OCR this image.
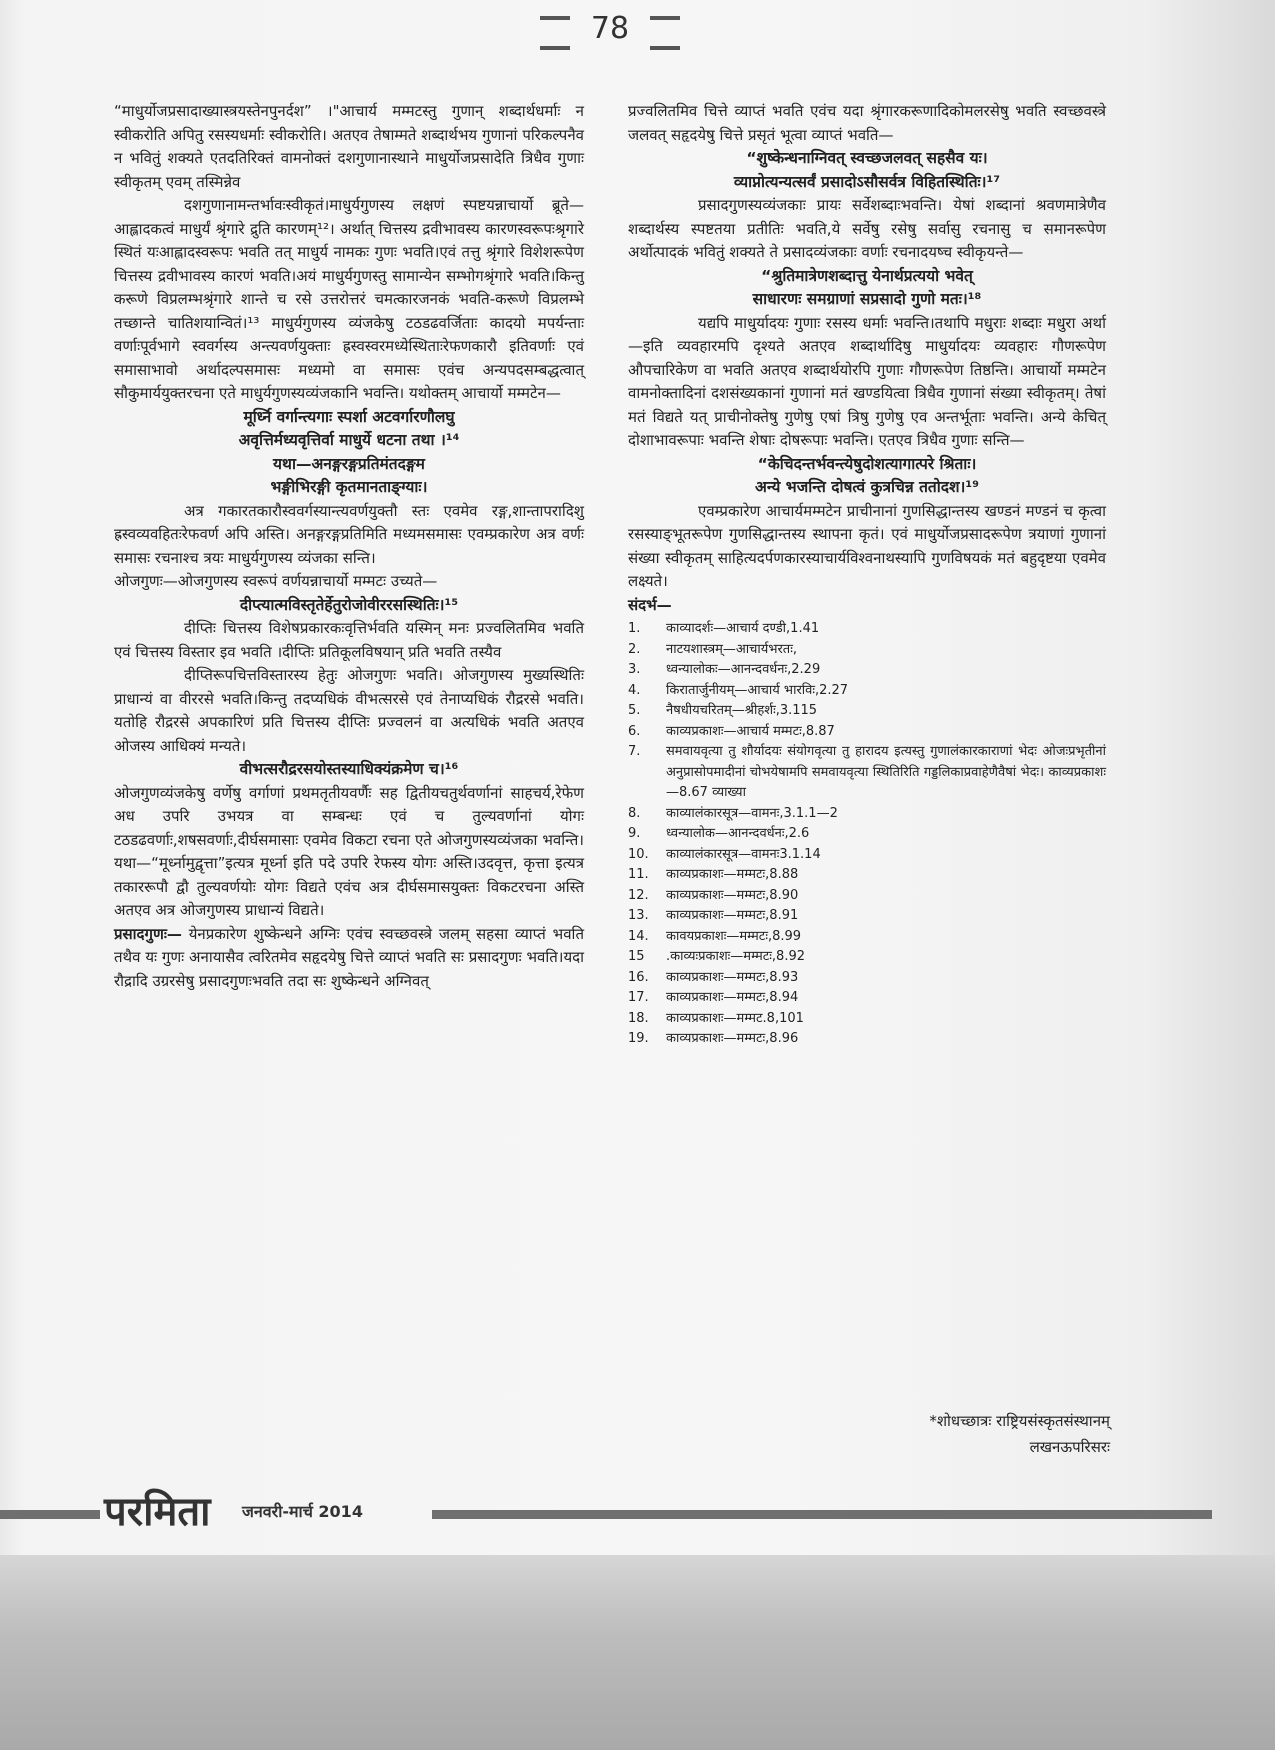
78

“माधुर्योजप्रसादाख्यास्त्रयस्तेनपुनर्दश” ।"आचार्य मम्मटस्तु गुणान् शब्दार्थधर्माः न स्वीकरोति अपितु रसस्यधर्माः स्वीकरोति। अतएव तेषाम्मते शब्दार्थभय गुणानां परिकल्पनैव न भवितुं शक्यते एतदतिरिक्तं वामनोक्तं दशगुणानास्थाने माधुर्योजप्रसादेति त्रिधैव गुणाः स्वीकृतम् एवम् तस्मिन्नेव

दशगुणानामन्तर्भावःस्वीकृतं।माधुर्यगुणस्य लक्षणं स्पष्टयन्नाचार्यो ब्रूते—आह्लादकत्वं माधुर्यं श्रृंगारे द्रुति कारणम्¹²। अर्थात् चित्तस्य द्रवीभावस्य कारणस्वरूपःश्रृगारे स्थितं यःआह्लादस्वरूपः भवति तत् माधुर्य नामकः गुणः भवति।एवं तत्तु श्रृंगारे विशेशरूपेण चित्तस्य द्रवीभावस्य कारणं भवति।अयं माधुर्यगुणस्तु सामान्येन सम्भोगश्रृंगारे भवति।किन्तु करूणे विप्रलम्भश्रृंगारे शान्ते च रसे उत्तरोत्तरं चमत्कारजनकं भवति-करूणे विप्रलम्भे तच्छान्ते चातिशयान्वितं।¹³ माधुर्यगुणस्य व्यंजकेषु टठडढवर्जिताः कादयो मपर्यन्ताः वर्णाःपूर्वभागे स्ववर्गस्य अन्त्यवर्णयुक्ताः ह्रस्वस्वरमध्येस्थिताःरेफणकारौ इतिवर्णाः एवं समासाभावो अर्थादल्पसमासः मध्यमो वा समासः एवंच अन्यपदसम्बद्धत्वात् सौकुमार्ययुक्तरचना एते माधुर्यगुणस्यव्यंजकानि भवन्ति। यथोक्तम् आचार्यो मम्मटेन—

मूर्ध्नि वर्गान्त्यगाः स्पर्शा अटवर्गारणौलघु

अवृत्तिर्मध्यवृत्तिर्वा माधुर्ये धटना तथा ।¹⁴

यथा—अनङ्गरङ्गप्रतिमंतदङ्गम

भङ्गीभिरङ्गी कृतमानताङ्ग्याः।

अत्र गकारतकारौस्ववर्गस्यान्त्यवर्णयुक्तौ स्तः एवमेव रङ्ग,शान्तापरादिशु ह्रस्वव्यवहितःरेफवर्ण अपि अस्ति। अनङ्गरङ्गप्रतिमिति मध्यमसमासः एवम्प्रकारेण अत्र वर्णः समासः रचनाश्च त्रयः माधुर्यगुणस्य व्यंजका सन्ति।

ओजगुणः—ओजगुणस्य स्वरूपं वर्णयन्नाचार्यो मम्मटः उच्यते—

दीप्त्यात्मविस्तृतेर्हेतुरोजोवीररसस्थितिः।¹⁵

दीप्तिः चित्तस्य विशेषप्रकारकःवृत्तिर्भवति यस्मिन् मनः प्रज्वलितमिव भवति एवं चित्तस्य विस्तार इव भवति ।दीप्तिः प्रतिकूलविषयान् प्रति भवति तस्यैव

दीप्तिरूपचित्तविस्तारस्य हेतुः ओजगुणः भवति। ओजगुणस्य मुख्यस्थितिः प्राधान्यं वा वीररसे भवति।किन्तु तदप्यधिकं वीभत्सरसे एवं तेनाप्यधिकं रौद्ररसे भवति। यतोहि रौद्ररसे अपकारिणं प्रति चित्तस्य दीप्तिः प्रज्वलनं वा अत्यधिकं भवति अतएव ओजस्य आधिक्यं मन्यते।

वीभत्सरौद्ररसयोस्तस्याधिक्यंक्रमेण च।¹⁶

ओजगुणव्यंजकेषु वर्णेषु वर्गाणां प्रथमतृतीयवर्णैः सह द्वितीयचतुर्थवर्णानां साहचर्य,रेफेण अध उपरि उभयत्र वा सम्बन्धः एवं च तुल्यवर्णानां योगः टठडढवर्णाः,शषसवर्णाः,दीर्घसमासाः एवमेव विकटा रचना एते ओजगुणस्यव्यंजका भवन्ति।यथा—“मूर्ध्नामुद्वृत्ता”इत्यत्र मूर्ध्ना इति पदे उपरि रेफस्य योगः अस्ति।उदवृत्त, कृत्ता इत्यत्र तकाररूपौ द्वौ तुल्यवर्णयोः योगः विद्यते एवंच अत्र दीर्घसमासयुक्तः विकटरचना अस्ति अतएव अत्र ओजगुणस्य प्राधान्यं विद्यते।

प्रसादगुणः— येनप्रकारेण शुष्केन्धने अग्निः एवंच स्वच्छवस्त्रे जलम् सहसा व्याप्तं भवति तथैव यः गुणः अनायासैव त्वरितमेव सहृदयेषु चित्ते व्याप्तं भवति सः प्रसादगुणः भवति।यदा रौद्रादि उग्ररसेषु प्रसादगुणःभवति तदा सः शुष्केन्धने अग्निवत्

प्रज्वलितमिव चित्ते व्याप्तं भवति एवंच यदा श्रृंगारकरूणादिकोमलरसेषु भवति स्वच्छवस्त्रे जलवत् सहृदयेषु चित्ते प्रसृतं भूत्वा व्याप्तं भवति—

“शुष्केन्धनाग्निवत् स्वच्छजलवत् सहसैव यः।

व्याप्नोत्यन्यत्सर्वं प्रसादोऽसौसर्वत्र विहितस्थितिः।¹⁷

प्रसादगुणस्यव्यंजकाः प्रायः सर्वेशब्दाःभवन्ति। येषां शब्दानां श्रवणमात्रेणैव शब्दार्थस्य स्पष्टतया प्रतीतिः भवति,ये सर्वेषु रसेषु सर्वासु रचनासु च समानरूपेण अर्थोत्पादकं भवितुं शक्यते ते प्रसादव्यंजकाः वर्णाः रचनादयष्च स्वीकृयन्ते—

“श्रुतिमात्रेणशब्दात्तु येनार्थप्रत्ययो भवेत्

साधारणः समग्राणां सप्रसादो गुणो मतः।¹⁸

यद्यपि माधुर्यादयः गुणाः रसस्य धर्माः भवन्ति।तथापि मधुराः शब्दाः मधुरा अर्था—इति व्यवहारमपि दृश्यते अतएव शब्दार्थादिषु माधुर्यादयः व्यवहारः गौणरूपेण औपचारिकेण वा भवति अतएव शब्दार्थयोरपि गुणाः गौणरूपेण तिष्ठन्ति। आचार्यो मम्मटेन वामनोक्तादिनां दशसंख्यकानां गुणानां मतं खण्डयित्वा त्रिधैव गुणानां संख्या स्वीकृतम्। तेषां मतं विद्यते यत् प्राचीनोक्तेषु गुणेषु एषां त्रिषु गुणेषु एव अन्तर्भूताः भवन्ति। अन्ये केचित् दोशाभावरूपाः भवन्ति शेषाः दोषरूपाः भवन्ति। एतएव त्रिधैव गुणाः सन्ति—

“केचिदन्तर्भवन्त्येषुदोशत्यागात्परे श्रिताः।

अन्ये भजन्ति दोषत्वं कुत्रचिन्न ततोदश।¹⁹

एवम्प्रकारेण आचार्यमम्मटेन प्राचीनानां गुणसिद्धान्तस्य खण्डनं मण्डनं च कृत्वा रसस्याङ्भूतरूपेण गुणसिद्धान्तस्य स्थापना कृतं। एवं माधुर्योजप्रसादरूपेण त्रयाणां गुणानां संख्या स्वीकृतम् साहित्यदर्पणकारस्याचार्यविश्वनाथस्यापि गुणविषयकं मतं बहुदृष्टया एवमेव लक्ष्यते।

संदर्भ—

1.	काव्यादर्शः—आचार्य दण्डी,1.41
2.	नाटयशास्त्रम्—आचार्यभरतः,
3.	ध्वन्यालोकः—आनन्दवर्धनः,2.29
4.	किरातार्जुनीयम्—आचार्य भारविः,2.27
5.	नैषधीयचरितम्—श्रीहर्शः,3.115
6.	काव्यप्रकाशः—आचार्य मम्मटः,8.87
7.	समवायवृत्या तु शौर्यादयः संयोगवृत्या तु हारादय इत्यस्तु गुणालंकारकाराणां भेदः ओजःप्रभृतीनां अनुप्रासोपमादीनां चोभयेषामपि समवायवृत्या स्थितिरिति गड्डलिकाप्रवाहेणैवैषां भेदः। काव्यप्रकाशः—8.67 व्याख्या
8.	काव्यालंकारसूत्र—वामनः,3.1.1—2
9.	ध्वन्यालोक—आनन्दवर्धनः,2.6
10.	काव्यालंकारसूत्र—वामनः3.1.14
11.	काव्यप्रकाशः—मम्मटः,8.88
12.	काव्यप्रकाशः—मम्मटः,8.90
13.	काव्यप्रकाशः—मम्मटः,8.91
14.	कावयप्रकाशः—मम्मटः,8.99
15	.काव्यःप्रकाशः—मम्मटः,8.92
16.	काव्यप्रकाशः—मम्मटः,8.93
17.	काव्यप्रकाशः—मम्मटः,8.94
18.	काव्यप्रकाशः—मम्मट.8,101
19.	काव्यप्रकाशः—मम्मटः,8.96
*शोधच्छात्रः राष्ट्रियसंस्कृतसंस्थानम्
लखनऊपरिसरः
परमिता जनवरी-मार्च 2014
